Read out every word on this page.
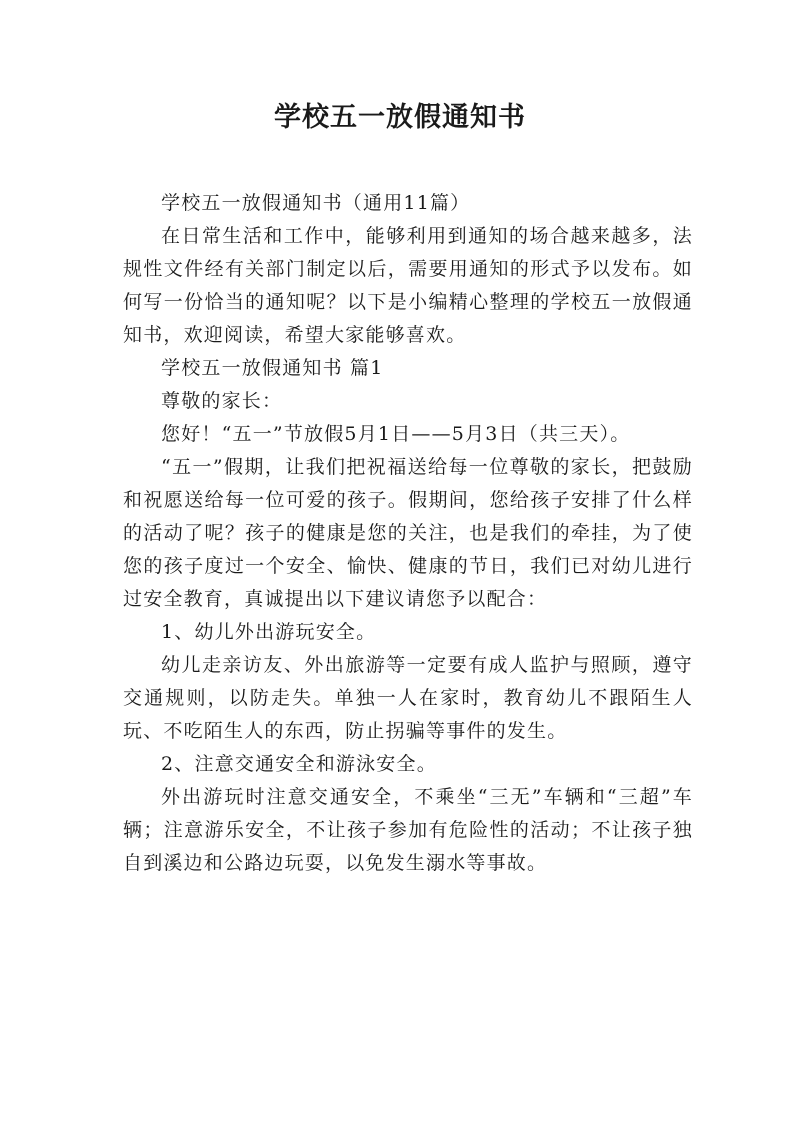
学校五一放假通知书

学校五一放假通知书（通用11篇）

在日常生活和工作中，能够利用到通知的场合越来越多，法规性文件经有关部门制定以后，需要用通知的形式予以发布。如何写一份恰当的通知呢？以下是小编精心整理的学校五一放假通知书，欢迎阅读，希望大家能够喜欢。

学校五一放假通知书 篇1

尊敬的家长：

您好！“五一”节放假5月1日——5月3日（共三天）。

“五一”假期，让我们把祝福送给每一位尊敬的家长，把鼓励和祝愿送给每一位可爱的孩子。假期间，您给孩子安排了什么样的活动了呢？孩子的健康是您的关注，也是我们的牵挂，为了使您的孩子度过一个安全、愉快、健康的节日，我们已对幼儿进行过安全教育，真诚提出以下建议请您予以配合：

1、幼儿外出游玩安全。

幼儿走亲访友、外出旅游等一定要有成人监护与照顾，遵守交通规则，以防走失。单独一人在家时，教育幼儿不跟陌生人玩、不吃陌生人的东西，防止拐骗等事件的发生。

2、注意交通安全和游泳安全。

外出游玩时注意交通安全，不乘坐“三无”车辆和“三超”车辆；注意游乐安全，不让孩子参加有危险性的活动；不让孩子独自到溪边和公路边玩耍，以免发生溺水等事故。
